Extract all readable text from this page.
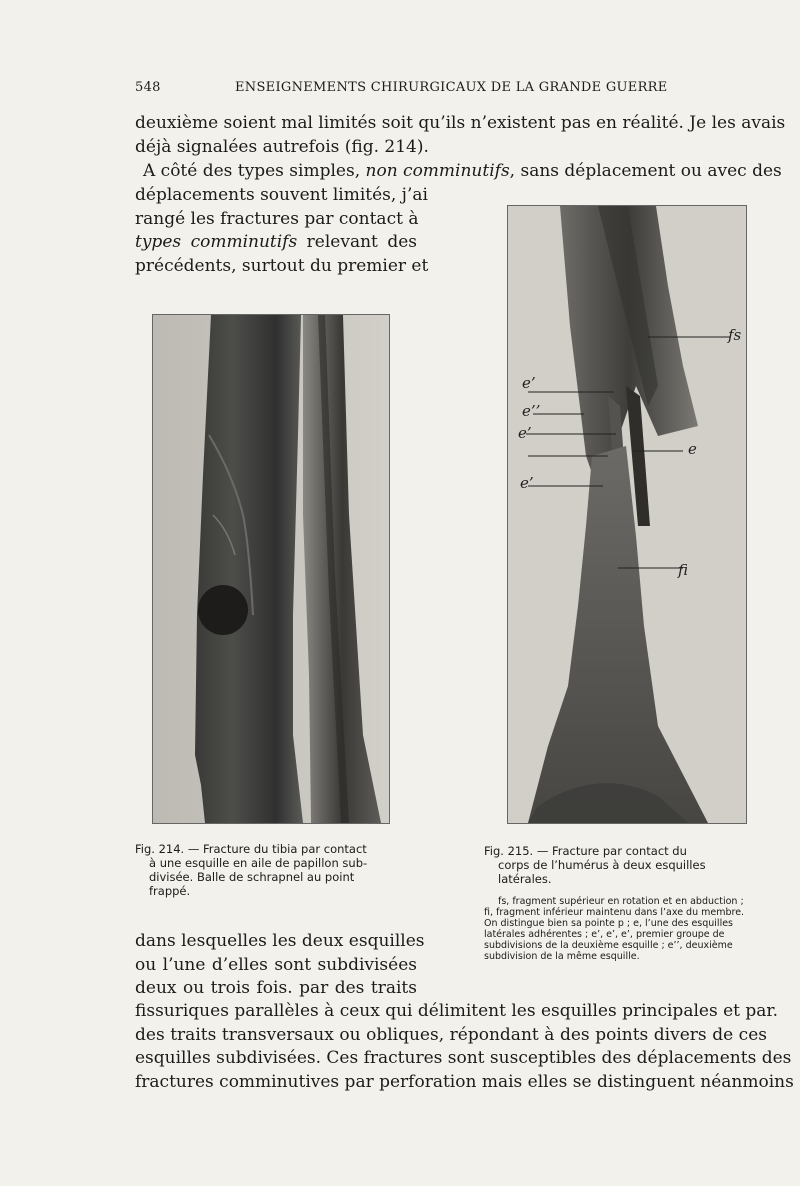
548	ENSEIGNEMENTS CHIRURGICAUX DE LA GRANDE GUERRE
deuxième soient mal limités soit qu’ils n’existent pas en réalité. Je les avais
déjà signalées autrefois (fig. 214).
A côté des types simples, non comminutifs, sans déplacement ou avec des
déplacements souvent limités, j’ai
rangé les fractures par contact à
types comminutifs relevant des
précédents, surtout du premier et
fs
e’
e’’
e’
e
e’
fi
Fig. 214. — Fracture du tibia par contact
à une esquille en aile de papillon sub-
divisée. Balle de schrapnel au point
frappé.
Fig. 215. — Fracture par contact du
corps de l’humérus à deux esquilles
latérales.
fs, fragment supérieur en rotation et en abduction ;
fi, fragment inférieur maintenu dans l’axe du membre.
On distingue bien sa pointe p ; e, l’une des esquilles
latérales adhérentes ; e’, e’, e’, premier groupe de
subdivisions de la deuxième esquille ; e’’, deuxième
subdivision de la même esquille.
dans lesquelles les deux esquilles
ou l’une d’elles sont subdivisées
deux ou trois fois. par des traits
fissuriques parallèles à ceux qui délimitent les esquilles principales et par.
des traits transversaux ou obliques, répondant à des points divers de ces
esquilles subdivisées. Ces fractures sont susceptibles des déplacements des
fractures comminutives par perforation mais elles se distinguent néanmoins
